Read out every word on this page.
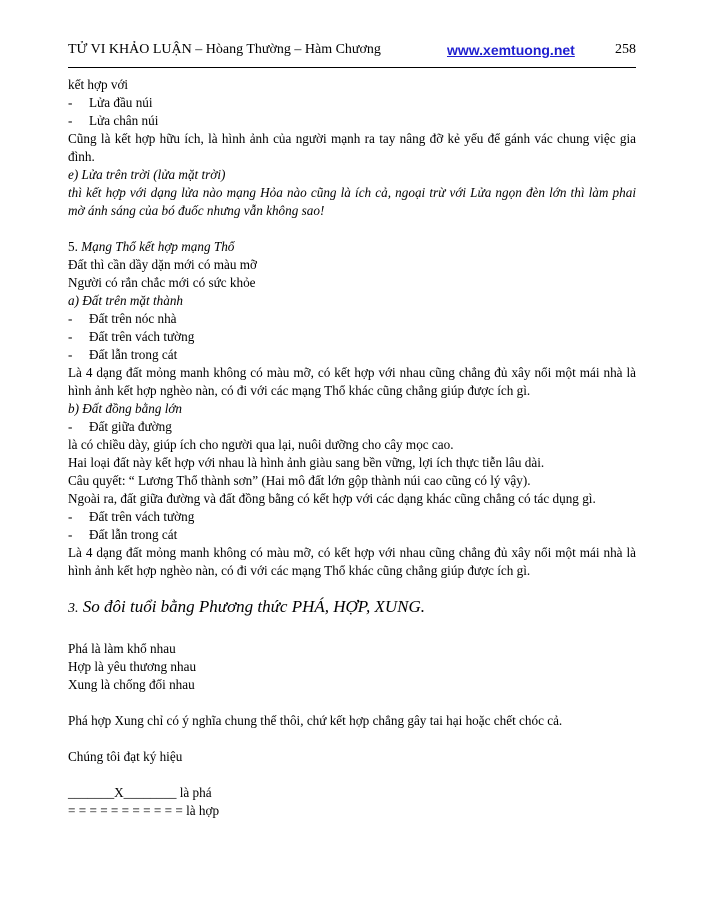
TỬ VI KHẢO LUẬN – Hòang Thường – Hàm Chương	www.xemtuong.net	258
kết hợp với
- Lửa đầu núi
- Lửa chân núi
Cũng là kết hợp hữu ích, là hình ảnh của người mạnh ra tay nâng đỡ kẻ yếu để gánh vác chung việc gia đình.
e) Lửa trên trời (lửa mặt trời)
thì kết hợp với dạng lửa nào mạng Hỏa nào cũng là ích cả, ngoại trừ với Lửa ngọn đèn lớn thì làm phai mờ ánh sáng của bó đuốc nhưng vẫn không sao!
5. Mạng Thổ kết hợp mạng Thổ
Đất thì cần dầy dặn mới có màu mỡ
Người có rắn chắc mới có sức khỏe
a) Đất trên mặt thành
- Đất trên nóc nhà
- Đất trên vách tường
- Đất lẫn trong cát
Là 4 dạng đất mỏng manh không có màu mỡ, có kết hợp với nhau cũng chẳng đủ xây nổi một mái nhà là hình ảnh kết hợp nghèo nàn, có đi với các mạng Thổ khác cũng chẳng giúp được ích gì.
b) Đất đồng bằng lớn
- Đất giữa đường
là có chiều dày, giúp ích cho người qua lại, nuôi dưỡng cho cây mọc cao.
Hai loại đất này kết hợp với nhau là hình ảnh giàu sang bền vững, lợi ích thực tiễn lâu dài.
Câu quyết: “ Lương Thổ thành sơn” (Hai mô đất lớn gộp thành núi cao cũng có lý vậy).
Ngoài ra, đất giữa đường và đất đồng bằng có kết hợp với các dạng khác cũng chẳng có tác dụng gì.
- Đất trên vách tường
- Đất lẫn trong cát
Là 4 dạng đất mỏng manh không có màu mỡ, có kết hợp với nhau cũng chẳng đủ xây nổi một mái nhà là hình ảnh kết hợp nghèo nàn, có đi với các mạng Thổ khác cũng chẳng giúp được ích gì.
3. So đôi tuổi bằng Phương thức PHÁ, HỢP, XUNG.
Phá là làm khổ nhau
Hợp là yêu thương nhau
Xung là chống đối nhau
Phá hợp Xung chỉ có ý nghĩa chung thế thôi, chứ kết hợp chẳng gây tai hại hoặc chết chóc cả.
Chúng tôi đạt ký hiệu
_______X________ là phá
= = = = = = = = = = = là hợp
